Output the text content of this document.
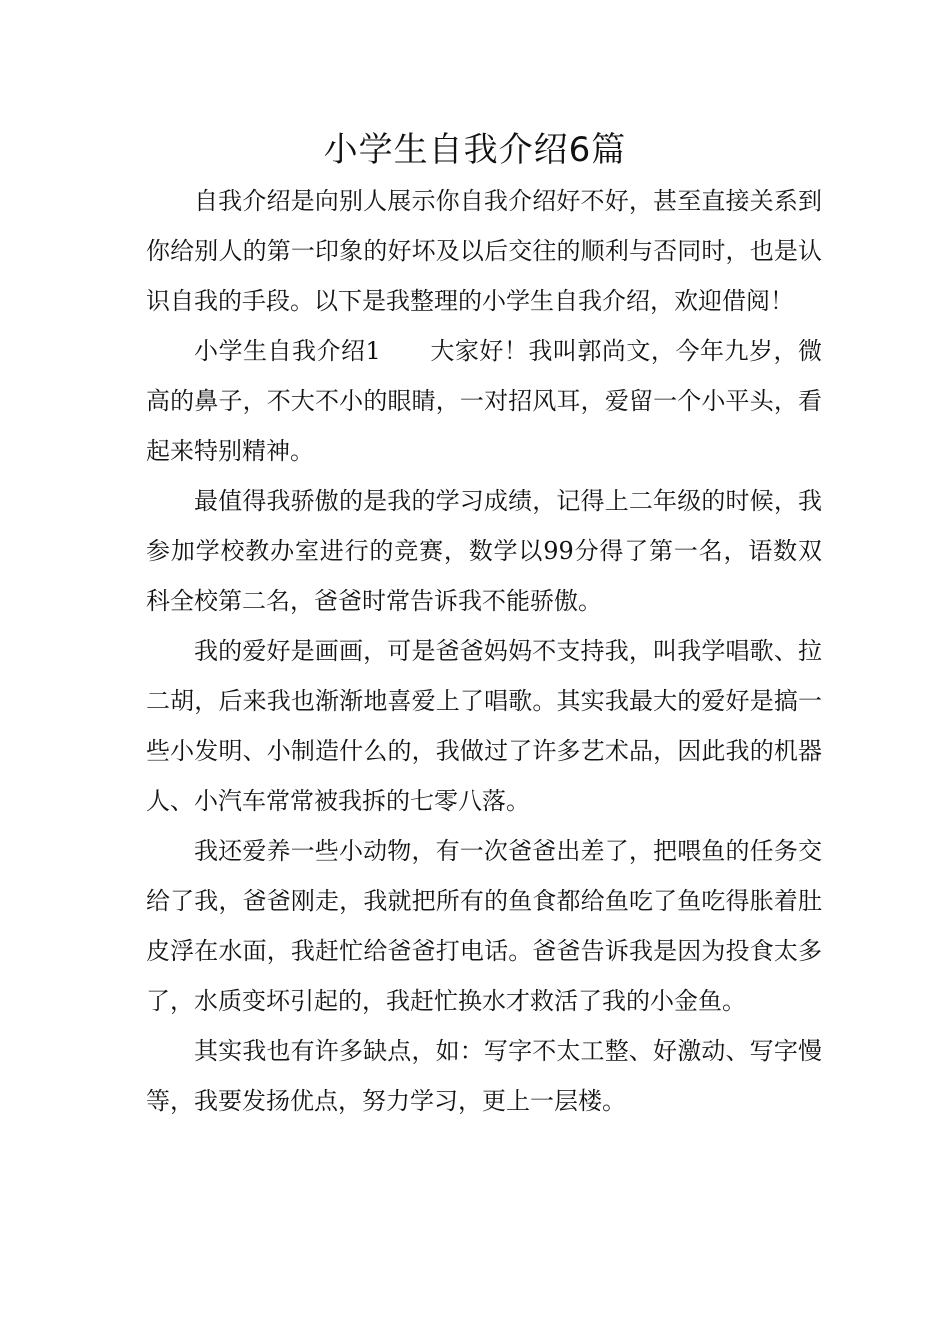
小学生自我介绍6篇

自我介绍是向别人展示你自我介绍好不好，甚至直接关系到你给别人的第一印象的好坏及以后交往的顺利与否同时，也是认识自我的手段。以下是我整理的小学生自我介绍，欢迎借阅！

小学生自我介绍1　　大家好！我叫郭尚文，今年九岁，微高的鼻子，不大不小的眼睛，一对招风耳，爱留一个小平头，看起来特别精神。

最值得我骄傲的是我的学习成绩，记得上二年级的时候，我参加学校教办室进行的竞赛，数学以99分得了第一名，语数双科全校第二名，爸爸时常告诉我不能骄傲。

我的爱好是画画，可是爸爸妈妈不支持我，叫我学唱歌、拉二胡，后来我也渐渐地喜爱上了唱歌。其实我最大的爱好是搞一些小发明、小制造什么的，我做过了许多艺术品，因此我的机器人、小汽车常常被我拆的七零八落。

我还爱养一些小动物，有一次爸爸出差了，把喂鱼的任务交给了我，爸爸刚走，我就把所有的鱼食都给鱼吃了鱼吃得胀着肚皮浮在水面，我赶忙给爸爸打电话。爸爸告诉我是因为投食太多了，水质变坏引起的，我赶忙换水才救活了我的小金鱼。

其实我也有许多缺点，如：写字不太工整、好激动、写字慢等，我要发扬优点，努力学习，更上一层楼。
